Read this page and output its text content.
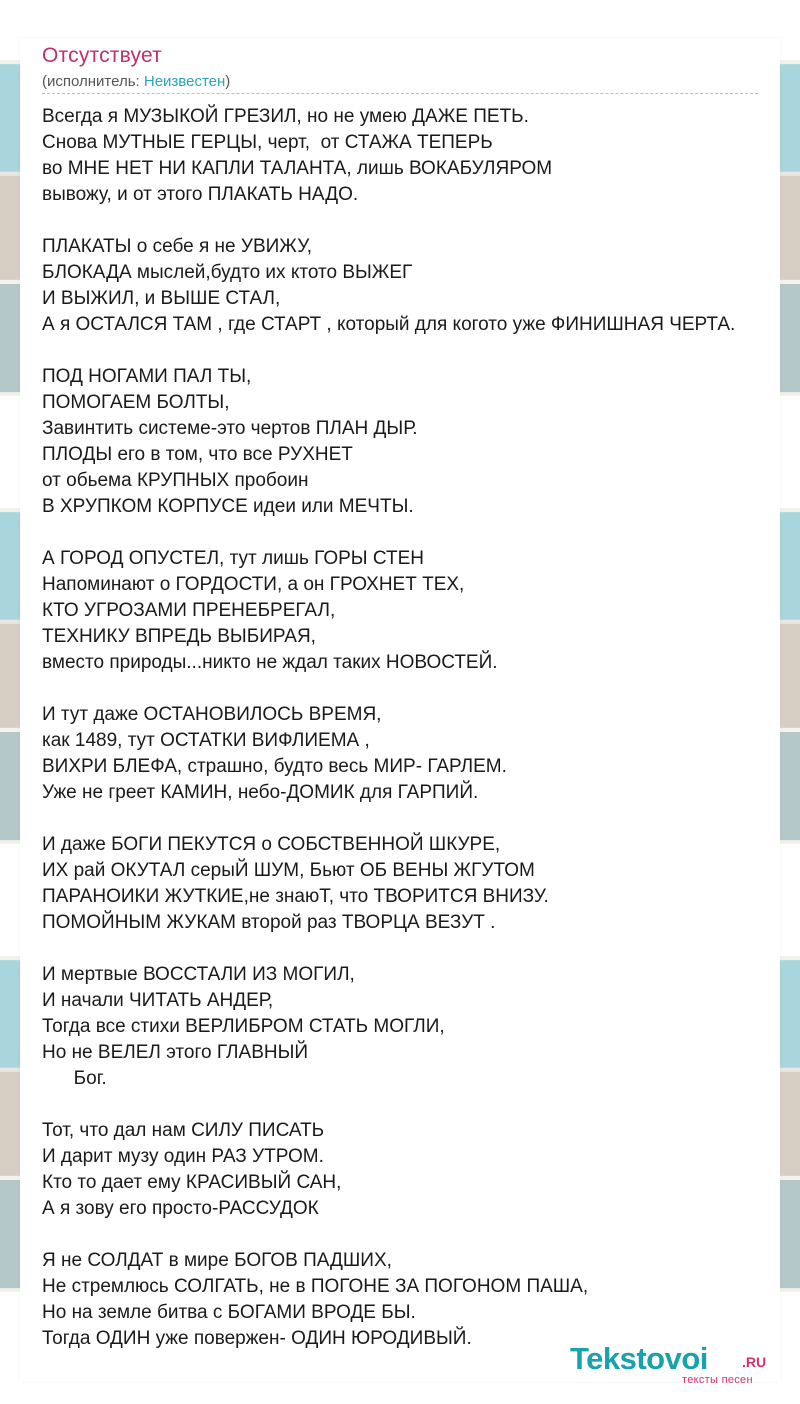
Отсутствует
(исполнитель: Неизвестен)
Всегда я МУЗЫКОЙ ГРЕЗИЛ, но не умею ДАЖЕ ПЕТЬ.
Снова МУТНЫЕ ГЕРЦЫ, черт,  от СТАЖА ТЕПЕРЬ
во МНЕ НЕТ НИ КАПЛИ ТАЛАНТА, лишь ВОКАБУЛЯРОМ
вывожу, и от этого ПЛАКАТЬ НАДО.
ПЛАКАТЫ о себе я не УВИЖУ,
БЛОКАДА мыслей,будто их ктото ВЫЖЕГ
И ВЫЖИЛ, и ВЫШЕ СТАЛ,
А я ОСТАЛСЯ ТАМ , где СТАРТ , который для когото уже ФИНИШНАЯ ЧЕРТА.
ПОД НОГАМИ ПАЛ ТЫ,
ПОМОГАЕМ БОЛТЫ,
Завинтить системе-это чертов ПЛАН ДЫР.
ПЛОДЫ его в том, что все РУХНЕТ
от обьема КРУПНЫХ пробоин
В ХРУПКОМ КОРПУСЕ идеи или МЕЧТЫ.
А ГОРОД ОПУСТЕЛ, тут лишь ГОРЫ СТЕН
Напоминают о ГОРДОСТИ, а он ГРОХНЕТ ТЕХ,
КТО УГРОЗАМИ ПРЕНЕБРЕГАЛ,
ТЕХНИКУ ВПРЕДЬ ВЫБИРАЯ,
вместо природы...никто не ждал таких НОВОСТЕЙ.
И тут даже ОСТАНОВИЛОСЬ ВРЕМЯ,
как 1489, тут ОСТАТКИ ВИФЛИЕМА ,
ВИХРИ БЛЕФА, страшно, будто весь МИР- ГАРЛЕМ.
Уже не греет КАМИН, небо-ДОМИК для ГАРПИЙ.
И даже БОГИ ПЕКУТСЯ о СОБСТВЕННОЙ ШКУРЕ,
ИХ рай ОКУТАЛ серыЙ ШУМ, Бьют ОБ ВЕНЫ ЖГУТОМ
ПАРАНОИКИ ЖУТКИЕ,не знаюТ, что ТВОРИТСЯ ВНИЗУ.
ПОМОЙНЫМ ЖУКАМ второй раз ТВОРЦА ВЕЗУТ .
И мертвые ВОССТАЛИ ИЗ МОГИЛ,
И начали ЧИТАТЬ АНДЕР,
Тогда все стихи ВЕРЛИБРОМ СТАТЬ МОГЛИ,
Но не ВЕЛЕЛ этого ГЛАВНЫЙ
Бог.
Тот, что дал нам СИЛУ ПИСАТЬ
И дарит музу один РАЗ УТРОМ.
Кто то дает ему КРАСИВЫЙ САН,
А я зову его просто-РАССУДОК
Я не СОЛДАТ в мире БОГОВ ПАДШИХ,
Не стремлюсь СОЛГАТЬ, не в ПОГОНЕ ЗА ПОГОНОМ ПАША,
Но на земле битва с БОГАМИ ВРОДЕ БЫ.
Тогда ОДИН уже повержен- ОДИН ЮРОДИВЫЙ.
Tekstovoi .RU
тексты песен
